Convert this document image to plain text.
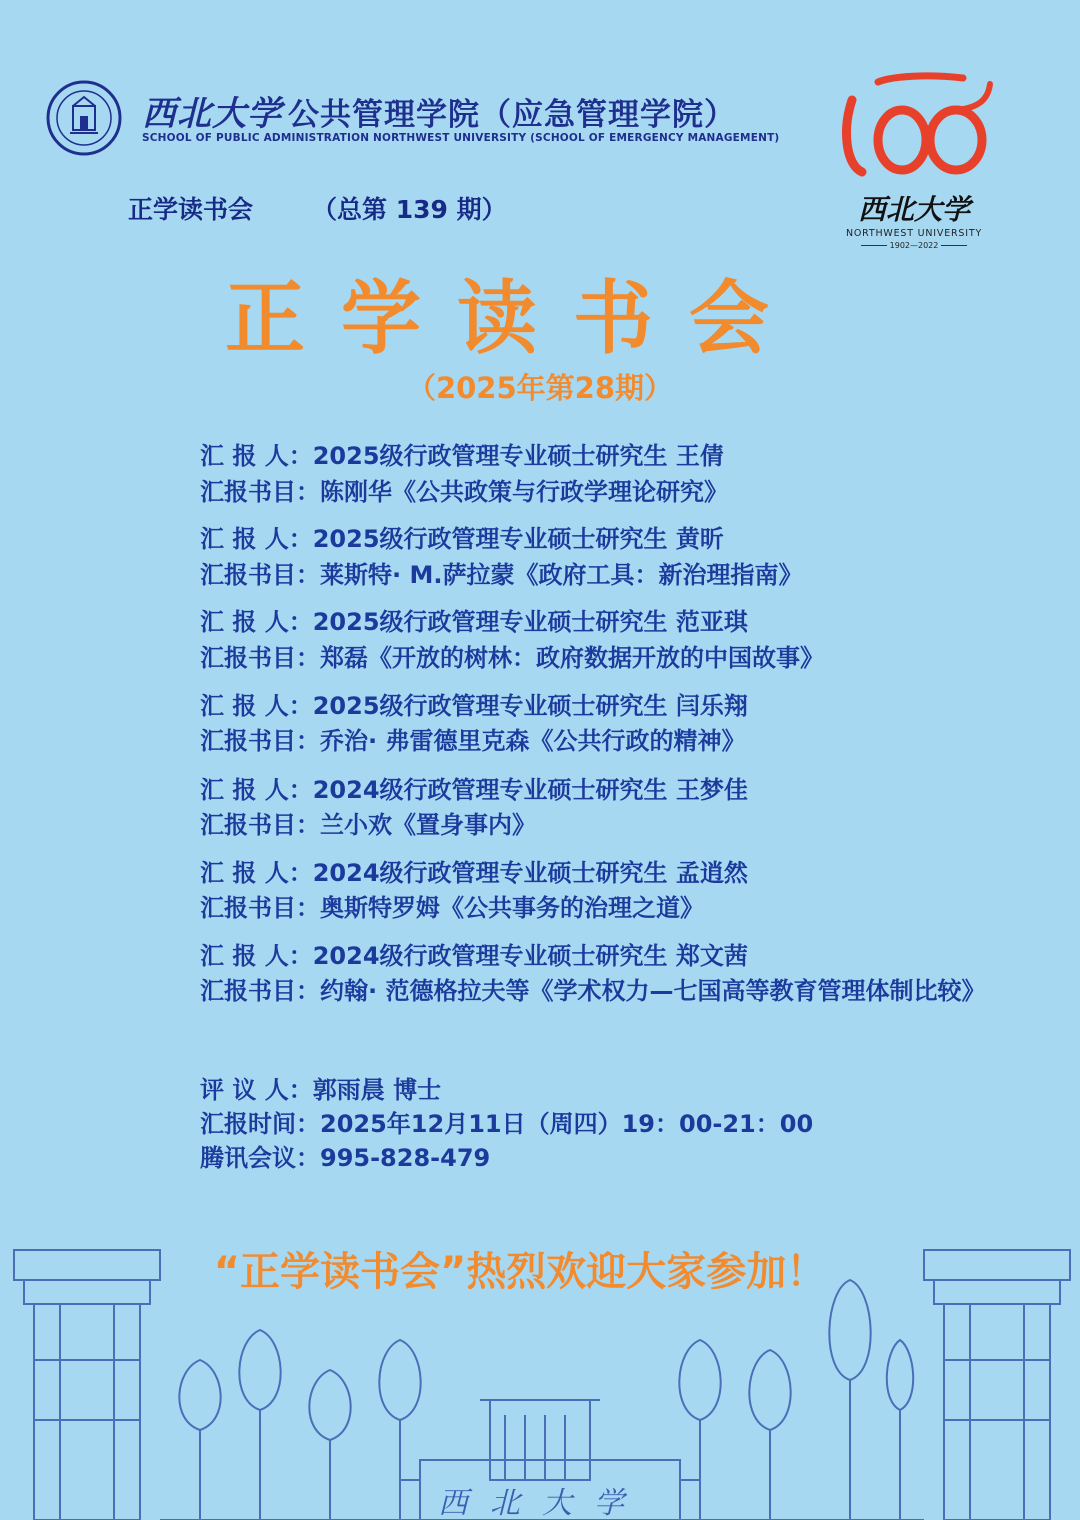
西北大学 公共管理学院（应急管理学院）
SCHOOL OF PUBLIC ADMINISTRATION NORTHWEST UNIVERSITY (SCHOOL OF EMERGENCY MANAGEMENT)
正学读书会 （总第 139 期）	西北大学
NORTHWEST UNIVERSITY
1902—2022
正学读书会
（2025年第28期）
汇 报 人：2025级行政管理专业硕士研究生 王倩
汇报书目：陈刚华《公共政策与行政学理论研究》
汇 报 人：2025级行政管理专业硕士研究生 黄昕
汇报书目：莱斯特· M.萨拉蒙《政府工具：新治理指南》
汇 报 人：2025级行政管理专业硕士研究生 范亚琪
汇报书目：郑磊《开放的树林：政府数据开放的中国故事》
汇 报 人：2025级行政管理专业硕士研究生 闫乐翔
汇报书目：乔治· 弗雷德里克森《公共行政的精神》
汇 报 人：2024级行政管理专业硕士研究生 王梦佳
汇报书目：兰小欢《置身事内》
汇 报 人：2024级行政管理专业硕士研究生 孟逍然
汇报书目：奥斯特罗姆《公共事务的治理之道》
汇 报 人：2024级行政管理专业硕士研究生 郑文茜
汇报书目：约翰· 范德格拉夫等《学术权力—七国高等教育管理体制比较》
评 议 人：郭雨晨 博士
汇报时间：2025年12月11日（周四）19：00-21：00
腾讯会议：995-828-479
西北大学
“正学读书会”热烈欢迎大家参加！
